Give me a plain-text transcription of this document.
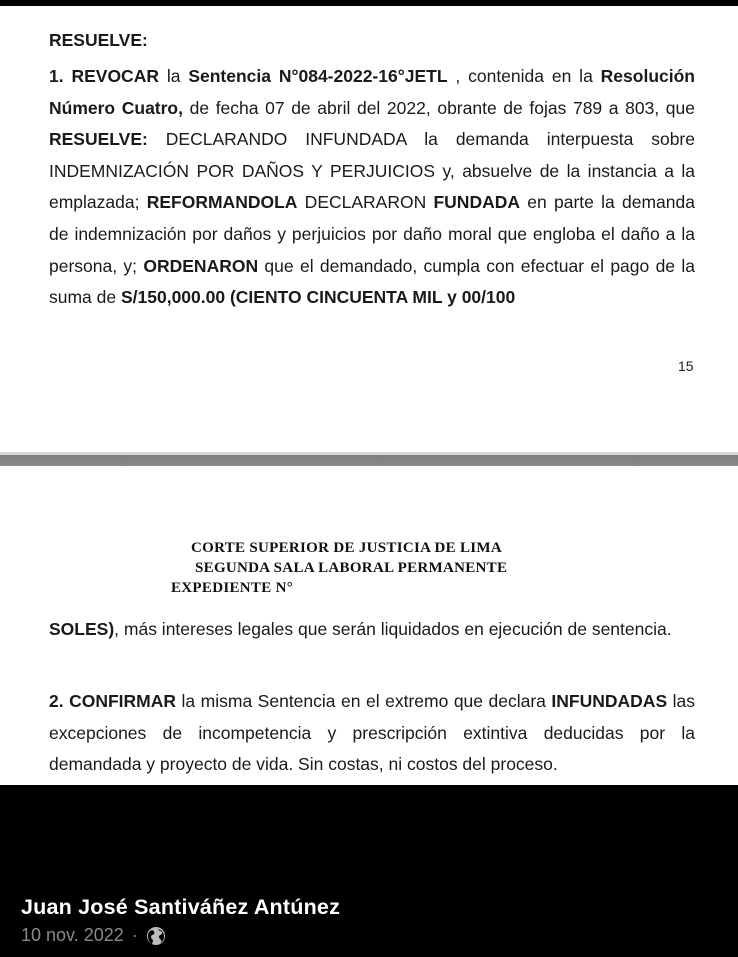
RESUELVE:

1. REVOCAR la Sentencia N°084-2022-16°JETL , contenida en la Resolución Número Cuatro, de fecha 07 de abril del 2022, obrante de fojas 789 a 803, que RESUELVE: DECLARANDO INFUNDADA la demanda interpuesta sobre INDEMNIZACIÓN POR DAÑOS Y PERJUICIOS y, absuelve de la instancia a la emplazada; REFORMANDOLA DECLARARON FUNDADA en parte la demanda de indemnización por daños y perjuicios por daño moral que engloba el daño a la persona, y; ORDENARON que el demandado, cumpla con efectuar el pago de la suma de S/150,000.00 (CIENTO CINCUENTA MIL y 00/100

15
CORTE SUPERIOR DE JUSTICIA DE LIMA
SEGUNDA SALA LABORAL PERMANENTE
EXPEDIENTE N°

SOLES), más intereses legales que serán liquidados en ejecución de sentencia.

2. CONFIRMAR la misma Sentencia en el extremo que declara INFUNDADAS las excepciones de incompetencia y prescripción extintiva deducidas por la demandada y proyecto de vida. Sin costas, ni costos del proceso.

Juan José Santiváñez Antúnez
10 nov. 2022 ·
